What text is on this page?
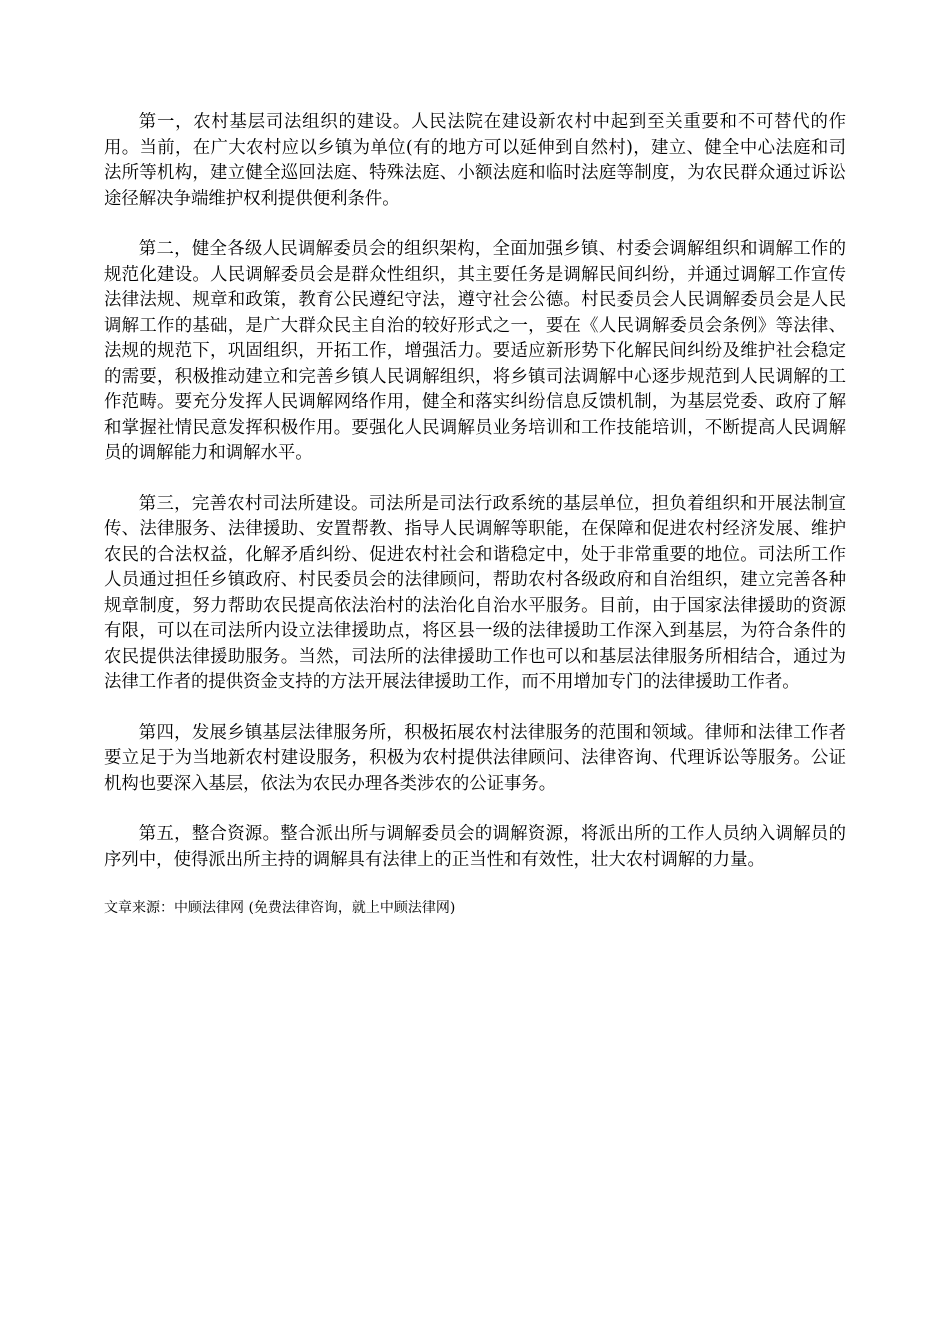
第一，农村基层司法组织的建设。人民法院在建设新农村中起到至关重要和不可替代的作用。当前，在广大农村应以乡镇为单位(有的地方可以延伸到自然村)，建立、健全中心法庭和司法所等机构，建立健全巡回法庭、特殊法庭、小额法庭和临时法庭等制度，为农民群众通过诉讼途径解决争端维护权利提供便利条件。

第二，健全各级人民调解委员会的组织架构，全面加强乡镇、村委会调解组织和调解工作的规范化建设。人民调解委员会是群众性组织，其主要任务是调解民间纠纷，并通过调解工作宣传法律法规、规章和政策，教育公民遵纪守法，遵守社会公德。村民委员会人民调解委员会是人民调解工作的基础，是广大群众民主自治的较好形式之一，要在《人民调解委员会条例》等法律、法规的规范下，巩固组织，开拓工作，增强活力。要适应新形势下化解民间纠纷及维护社会稳定的需要，积极推动建立和完善乡镇人民调解组织，将乡镇司法调解中心逐步规范到人民调解的工作范畴。要充分发挥人民调解网络作用，健全和落实纠纷信息反馈机制，为基层党委、政府了解和掌握社情民意发挥积极作用。要强化人民调解员业务培训和工作技能培训，不断提高人民调解员的调解能力和调解水平。

第三，完善农村司法所建设。司法所是司法行政系统的基层单位，担负着组织和开展法制宣传、法律服务、法律援助、安置帮教、指导人民调解等职能，在保障和促进农村经济发展、维护农民的合法权益，化解矛盾纠纷、促进农村社会和谐稳定中，处于非常重要的地位。司法所工作人员通过担任乡镇政府、村民委员会的法律顾问，帮助农村各级政府和自治组织，建立完善各种规章制度，努力帮助农民提高依法治村的法治化自治水平服务。目前，由于国家法律援助的资源有限，可以在司法所内设立法律援助点，将区县一级的法律援助工作深入到基层，为符合条件的农民提供法律援助服务。当然，司法所的法律援助工作也可以和基层法律服务所相结合，通过为法律工作者的提供资金支持的方法开展法律援助工作，而不用增加专门的法律援助工作者。

第四，发展乡镇基层法律服务所，积极拓展农村法律服务的范围和领域。律师和法律工作者要立足于为当地新农村建设服务，积极为农村提供法律顾问、法律咨询、代理诉讼等服务。公证机构也要深入基层，依法为农民办理各类涉农的公证事务。

第五，整合资源。整合派出所与调解委员会的调解资源，将派出所的工作人员纳入调解员的序列中，使得派出所主持的调解具有法律上的正当性和有效性，壮大农村调解的力量。

文章来源：中顾法律网 (免费法律咨询，就上中顾法律网)
